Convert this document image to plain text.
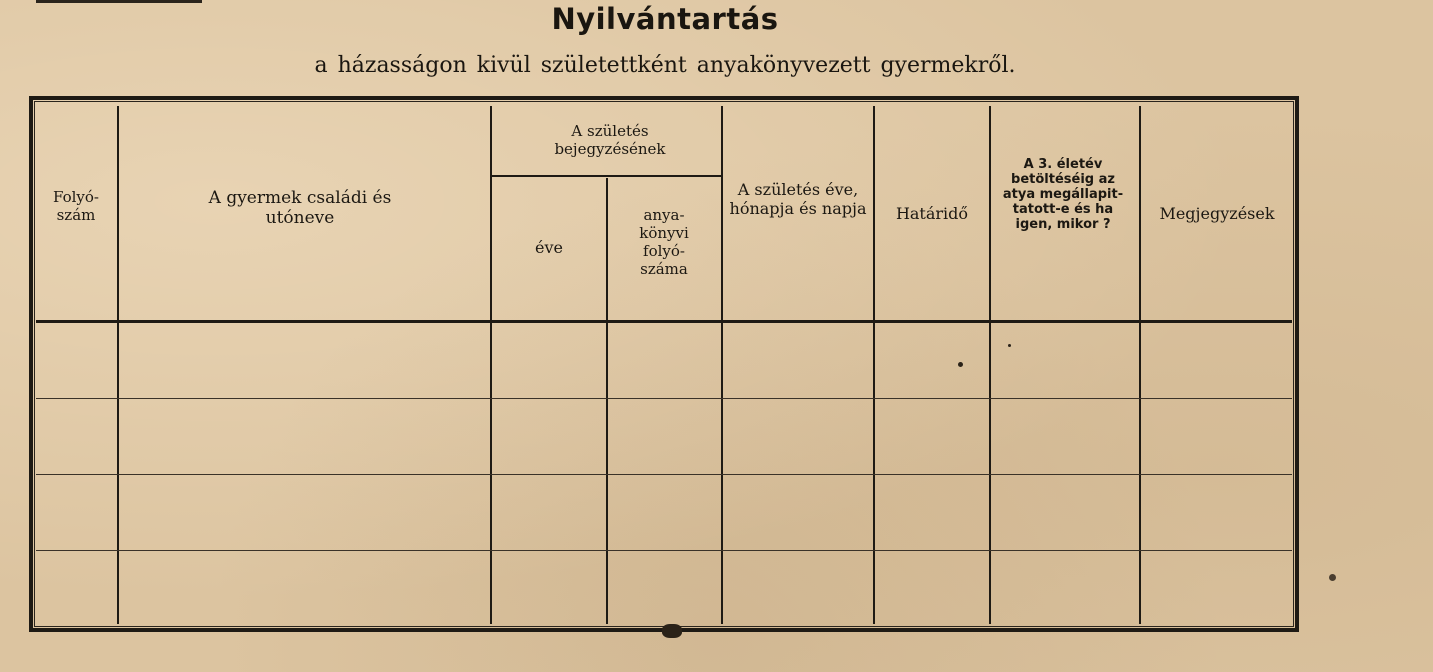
Nyilvántartás
a házasságon kivül születettként anyakönyvezett gyermekről.
Folyó- szám
A gyermek családi és utóneve
A születés bejegyzésének
éve
anya- könyvi folyó- száma
A születés éve, hónapja és napja	Határidő
A 3. életév betöltéséig az atya megállapit- tatott-e és ha igen, mikor ?
Megjegyzések
